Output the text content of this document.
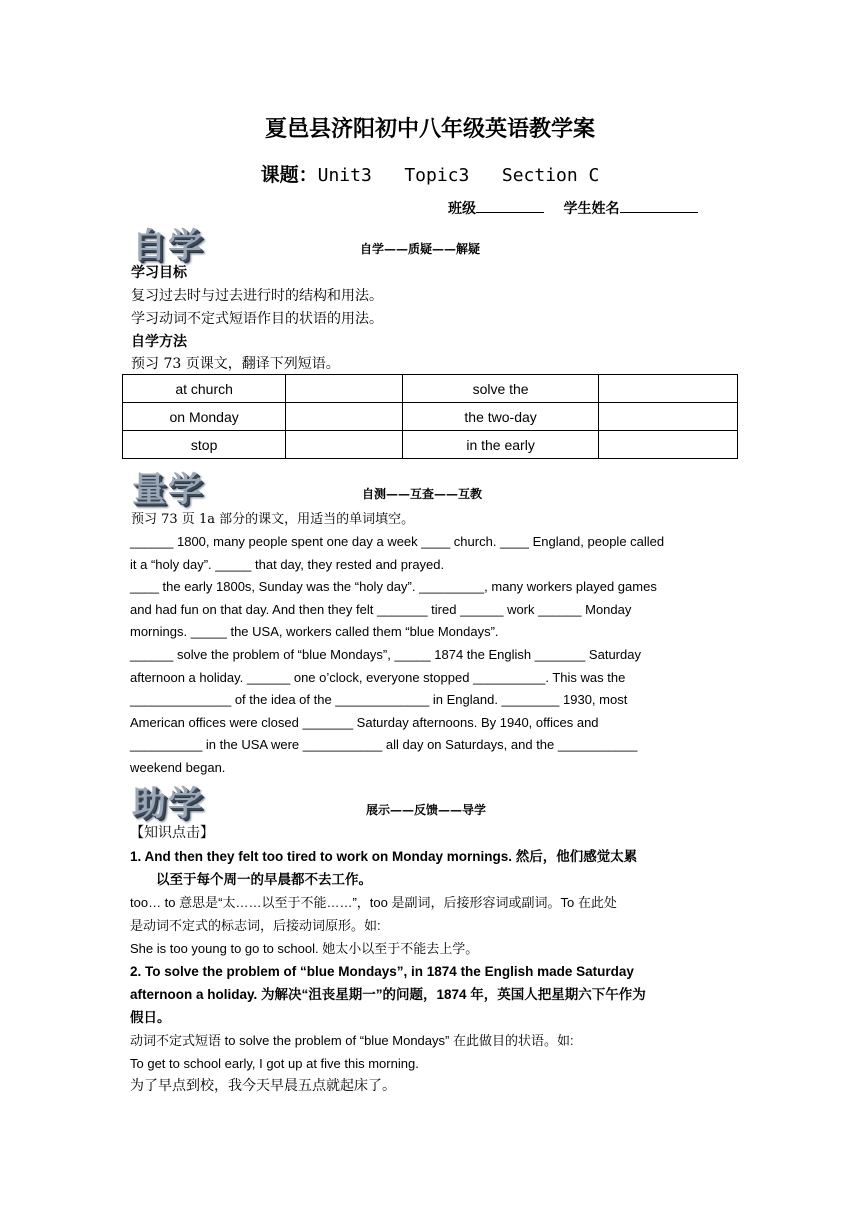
夏邑县济阳初中八年级英语教学案
课题：Unit3   Topic3   Section C
班级	学生姓名
自学	自学——质疑——解疑
学习目标
复习过去时与过去进行时的结构和用法。
学习动词不定式短语作目的状语的用法。
自学方法
预习 73 页课文，翻译下列短语。
at church		solve the	
on Monday		the two-day	
stop		in the early	
量学	自测——互查——互教
预习 73 页 1a 部分的课文，用适当的单词填空。

______ 1800, many people spent one day a week ____ church. ____ England, people called

it a “holy day”. _____ that day, they rested and prayed.

____ the early 1800s, Sunday was the “holy day”. _________, many workers played games

and had fun on that day. And then they felt _______ tired ______ work ______ Monday

mornings. _____ the USA, workers called them “blue Mondays”.

______ solve the problem of “blue Mondays”, _____ 1874 the English _______ Saturday

afternoon a holiday. ______ one o’clock, everyone stopped __________. This was the

______________ of the idea of the _____________ in England. ________ 1930, most

American offices were closed _______ Saturday afternoons. By 1940, offices and

__________ in the USA were ___________ all day on Saturdays, and the ___________

weekend began.

助学	展示——反馈——导学

【知识点击】

1. And then they felt too tired to work on Monday mornings. 然后，他们感觉太累

以至于每个周一的早晨都不去工作。

too… to 意思是“太……以至于不能……”，too 是副词，后接形容词或副词。To 在此处

是动词不定式的标志词，后接动词原形。如:

She is too young to go to school. 她太小以至于不能去上学。

2. To solve the problem of “blue Mondays”, in 1874 the English made Saturday

afternoon a holiday. 为解决“沮丧星期一”的问题，1874 年，英国人把星期六下午作为

假日。

动词不定式短语 to solve the problem of “blue Mondays” 在此做目的状语。如:

To get to school early, I got up at five this morning.

为了早点到校，我今天早晨五点就起床了。
